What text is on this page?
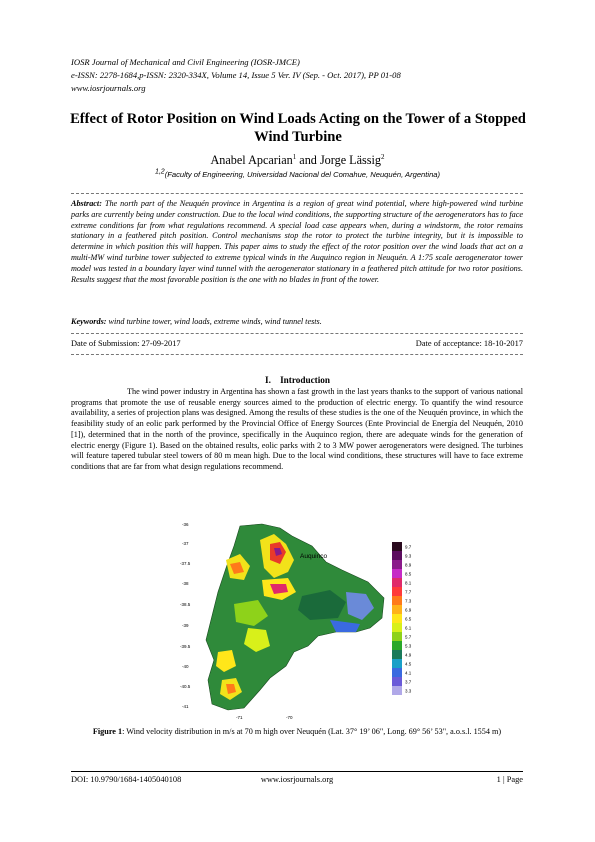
IOSR Journal of Mechanical and Civil Engineering (IOSR-JMCE)
e-ISSN: 2278-1684,p-ISSN: 2320-334X, Volume 14, Issue 5 Ver. IV (Sep. - Oct. 2017), PP 01-08
www.iosrjournals.org
Effect of Rotor Position on Wind Loads Acting on the Tower of a Stopped Wind Turbine
Anabel Apcarian$^1$ and Jorge Lässig$^2$
$^{1,2}$(Faculty of Engineering, Universidad Nacional del Comahue, Neuquén, Argentina)
Abstract: The north part of the Neuquén province in Argentina is a region of great wind potential, where high-powered wind turbine parks are currently being under construction. Due to the local wind conditions, the supporting structure of the aerogenerators has to face extreme conditions far from what regulations recommend. A special load case appears when, during a windstorm, the rotor remains stationary in a feathered pitch position. Control mechanisms stop the rotor to protect the turbine integrity, but it is impossible to determine in which position this will happen. This paper aims to study the effect of the rotor position over the wind loads that act on a multi-MW wind turbine tower subjected to extreme typical winds in the Auquinco region in Neuquén. A 1:75 scale aerogenerator tower model was tested in a boundary layer wind tunnel with the aerogenerator stationary in a feathered pitch attitude for two rotor positions. Results suggest that the most favorable position is the one with no blades in front of the tower.
Keywords: wind turbine tower, wind loads, extreme winds, wind tunnel tests.
Date of Submission: 27-09-2017	Date of acceptance: 18-10-2017
I. Introduction

The wind power industry in Argentina has shown a fast growth in the last years thanks to the support of various national programs that promote the use of reusable energy sources aimed to the production of electric energy. To quantify the wind resource availability, a series of projection plans was designed. Among the results of these studies is the one of the Neuquén province, in which the feasibility study of an eolic park performed by the Provincial Office of Energy Sources (Ente Provincial de Energía del Neuquén, 2010 [1]), determined that in the north of the province, specifically in the Auquinco region, there are adequate winds for the generation of electric energy (Figure 1). Based on the obtained results, eolic parks with 2 to 3 MW power aerogenerators were designed. The turbines will feature tapered tubular steel towers of 80 m mean high. Due to the local wind conditions, these structures will have to face extreme conditions that are far from what design regulations recommend.

-36
-37
-37.5
-38
-38.5
-39
-39.5
-40
-40.5
-41
-71	-70
Auquinco
9.7
9.3
8.9
8.5
8.1
7.7
7.3
6.9
6.5
6.1
5.7
5.3
4.9
4.5
4.1
3.7
3.3
Figure 1: Wind velocity distribution in m/s at 70 m high over Neuquén (Lat. 37° 19’ 06", Long. 69° 56’ 53", a.o.s.l. 1554 m)
DOI: 10.9790/1684-1405040108	www.iosrjournals.org	1 | Page
